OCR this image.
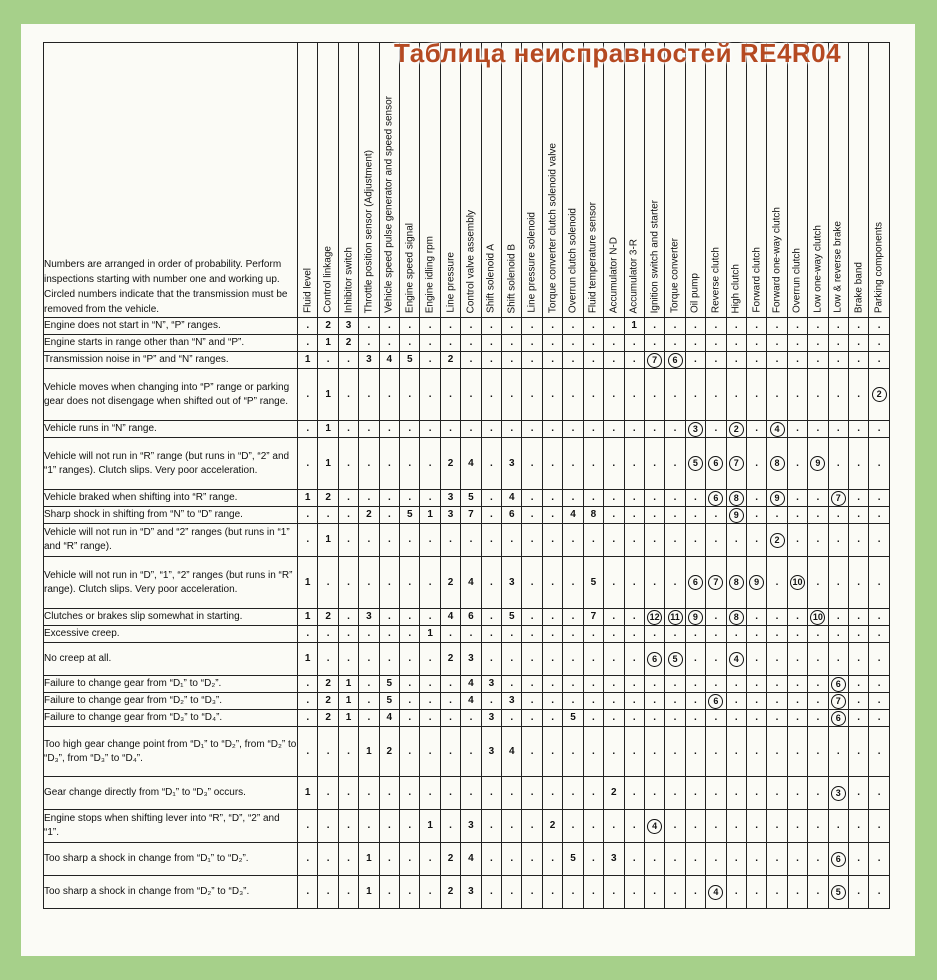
Numbers are arranged in order of probability. Perform inspections starting with number one and working up. Circled numbers indicate that the transmission must be removed from the vehicle.	Fluid level	Control linkage	Inhibitor switch	Throttle position sensor (Adjustment)	Vehicle speed pulse generator and speed sensor	Engine speed signal	Engine idling rpm	Line pressure	Control valve assembly	Shift solenoid A	Shift solenoid B	Line pressure solenoid	Torque converter clutch solenoid valve	Overrun clutch solenoid	Fluid temperature sensor	Accumulator N-D	Accumulator 3-R	Ignition switch and starter	Torque converter	Oil pump	Reverse clutch	High clutch	Forward clutch	Forward one-way clutch	Overrun clutch	Low one-way clutch	Low & reverse brake	Brake band	Parking components

Engine does not start in “N”, “P” ranges.	.	2	3	.	.	.	.	.	.	.	.	.	.	.	.	.	1	.	.	.	.	.	.	.	.	.	.	.	.
Engine starts in range other than “N” and “P”.	.	1	2	.	.	.	.	.	.	.	.	.	.	.	.	.	.	.	.	.	.	.	.	.	.	.	.	.	.
Transmission noise in “P” and “N” ranges.	1	.	.	3	4	5	.	2	.	.	.	.	.	.	.	.	.	7	6	.	.	.	.	.	.	.	.	.	.
Vehicle moves when changing into “P” range or parking gear does not disengage when shifted out of “P” range.	.	1	.	.	.	.	.	.	.	.	.	.	.	.	.	.	.	.	.	.	.	.	.	.	.	.	.	.	2
Vehicle runs in “N” range.	.	1	.	.	.	.	.	.	.	.	.	.	.	.	.	.	.	.	.	3	.	2	.	4	.	.	.	.	.
Vehicle will not run in “R” range (but runs in “D”, “2” and “1” ranges). Clutch slips. Very poor acceleration.	.	1	.	.	.	.	.	2	4	.	3	.	.	.	.	.	.	.	.	5	6	7	.	8	.	9	.	.	.
Vehicle braked when shifting into “R” range.	1	2	.	.	.	.	.	3	5	.	4	.	.	.	.	.	.	.	.	.	6	8	.	9	.	.	7	.	.
Sharp shock in shifting from “N” to “D” range.	.	.	.	2	.	5	1	3	7	.	6	.	.	4	8	.	.	.	.	.	.	9	.	.	.	.	.	.	.
Vehicle will not run in “D” and “2” ranges (but runs in “1” and “R” range).	.	1	.	.	.	.	.	.	.	.	.	.	.	.	.	.	.	.	.	.	.	.	.	2	.	.	.	.	.
Vehicle will not run in “D”, “1”, “2” ranges (but runs in “R” range). Clutch slips. Very poor acceleration.	1	.	.	.	.	.	.	2	4	.	3	.	.	.	5	.	.	.	.	6	7	8	9	.	10	.	.	.	.
Clutches or brakes slip somewhat in starting.	1	2	.	3	.	.	.	4	6	.	5	.	.	.	7	.	.	12	11	9	.	8	.	.	.	10	.	.	.
Excessive creep.	.	.	.	.	.	.	1	.	.	.	.	.	.	.	.	.	.	.	.	.	.	.	.	.	.	.	.	.	.
No creep at all.	1	.	.	.	.	.	.	2	3	.	.	.	.	.	.	.	.	6	5	.	.	4	.	.	.	.	.	.	.
Failure to change gear from “D₁” to “D₂”.	.	2	1	.	5	.	.	.	4	3	.	.	.	.	.	.	.	.	.	.	.	.	.	.	.	.	6	.	.
Failure to change gear from “D₂” to “D₃”.	.	2	1	.	5	.	.	.	4	.	3	.	.	.	.	.	.	.	.	.	6	.	.	.	.	.	7	.	.
Failure to change gear from “D₃” to “D₄”.	.	2	1	.	4	.	.	.	.	3	.	.	.	5	.	.	.	.	.	.	.	.	.	.	.	.	6	.	.
Too high gear change point from “D₁” to “D₂”, from “D₂” to “D₃”, from “D₃” to “D₄”.	.	.	.	1	2	.	.	.	.	3	4	.	.	.	.	.	.	.	.	.	.	.	.	.	.	.	.	.	.
Gear change directly from “D₁” to “D₃” occurs.	1	.	.	.	.	.	.	.	.	.	.	.	.	.	.	2	.	.	.	.	.	.	.	.	.	.	3	.	.
Engine stops when shifting lever into “R”, “D”, “2” and “1”.	.	.	.	.	.	.	1	.	3	.	.	.	2	.	.	.	.	4	.	.	.	.	.	.	.	.	.	.	.
Too sharp a shock in change from “D₁” to “D₂”.	.	.	.	1	.	.	.	2	4	.	.	.	.	5	.	3	.	.	.	.	.	.	.	.	.	.	6	.	.
Too sharp a shock in change from “D₂” to “D₃”.	.	.	.	1	.	.	.	2	3	.	.	.	.	.	.	.	.	.	.	.	4	.	.	.	.	.	5	.	.
Таблица неисправностей RE4R04
